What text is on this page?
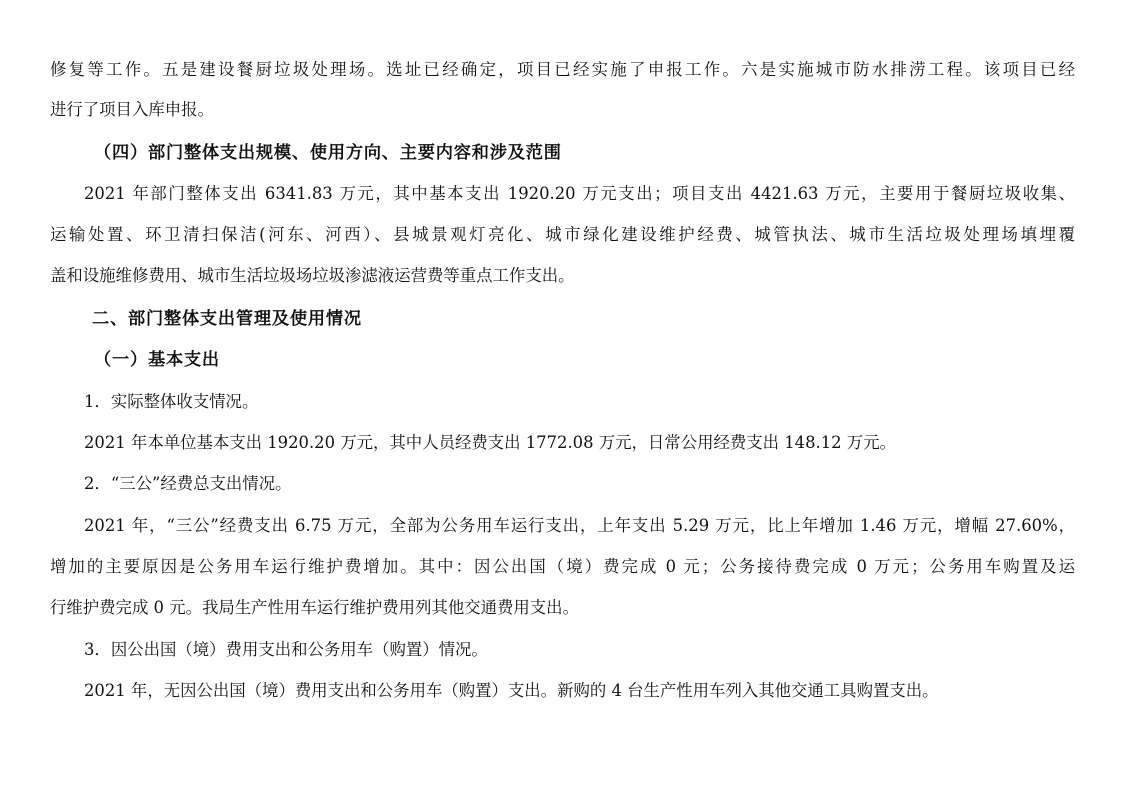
修复等工作。五是建设餐厨垃圾处理场。选址已经确定，项目已经实施了申报工作。六是实施城市防水排涝工程。该项目已经
进行了项目入库申报。
（四）部门整体支出规模、使用方向、主要内容和涉及范围
2021 年部门整体支出 6341.83 万元，其中基本支出 1920.20 万元支出；项目支出 4421.63 万元，主要用于餐厨垃圾收集、
运输处置、环卫清扫保洁(河东、河西）、县城景观灯亮化、城市绿化建设维护经费、城管执法、城市生活垃圾处理场填埋覆
盖和设施维修费用、城市生活垃圾场垃圾渗滤液运营费等重点工作支出。
二、部门整体支出管理及使用情况
（一）基本支出
1．实际整体收支情况。
2021 年本单位基本支出 1920.20 万元，其中人员经费支出 1772.08 万元，日常公用经费支出 148.12 万元。
2．“三公”经费总支出情况。
2021 年，“三公”经费支出 6.75 万元，全部为公务用车运行支出，上年支出 5.29 万元，比上年增加 1.46 万元，增幅 27.60%，
增加的主要原因是公务用车运行维护费增加。其中：因公出国（境）费完成 0 元；公务接待费完成 0 万元；公务用车购置及运
行维护费完成 0 元。我局生产性用车运行维护费用列其他交通费用支出。
3．因公出国（境）费用支出和公务用车（购置）情况。
2021 年，无因公出国（境）费用支出和公务用车（购置）支出。新购的 4 台生产性用车列入其他交通工具购置支出。
